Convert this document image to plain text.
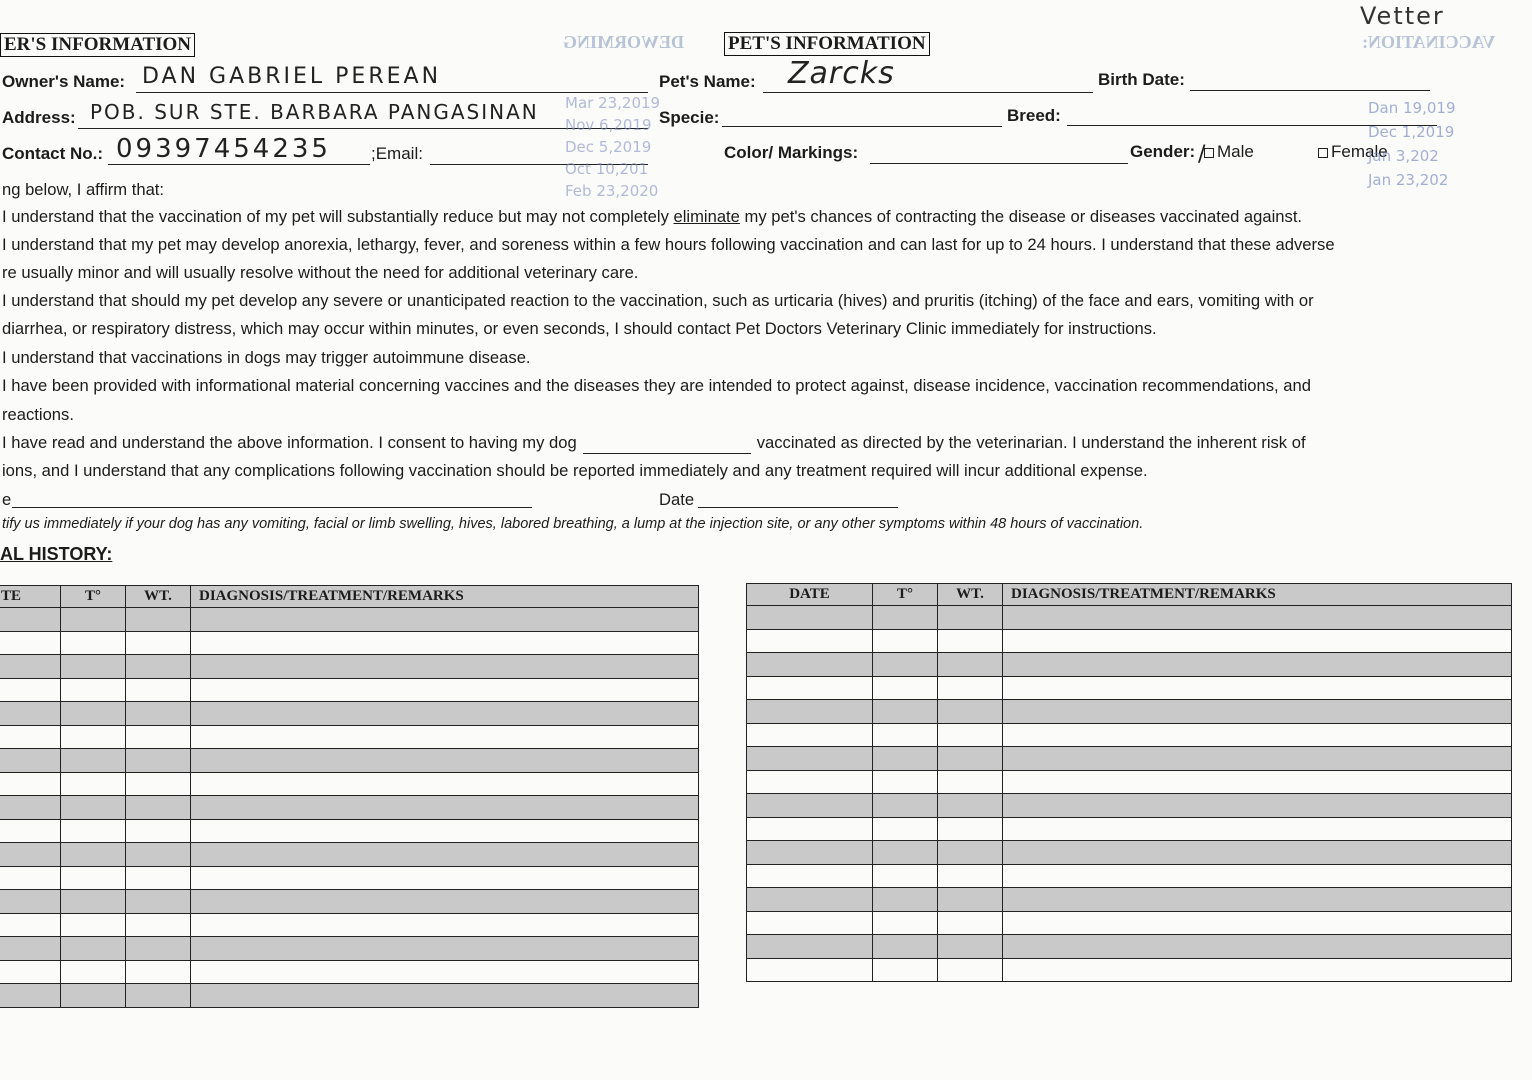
DEWORMING	VACCINATION:
Vetter
ER'S INFORMATION
Owner's Name: DAN GABRIEL PEREAN
Address: POB. SUR STE. BARBARA PANGASINAN
Contact No.: 09397454235 ;Email:
PET'S INFORMATION
Pet's Name: Zarcks	Birth Date:
Specie:	Breed:
Color/ Markings:	Gender:	Male
/	Female
Dan 19,019
Dec 1,2019
Jan 3,202
Jan 23,202
Mar 23,2019
Nov 6,2019
Dec 5,2019
Oct 10,201
Feb 23,2020
ng below, I affirm that:
I understand that the vaccination of my pet will substantially reduce but may not completely eliminate my pet's chances of contracting the disease or diseases vaccinated against.
I understand that my pet may develop anorexia, lethargy, fever, and soreness within a few hours following vaccination and can last for up to 24 hours. I understand that these adverse
re usually minor and will usually resolve without the need for additional veterinary care.
I understand that should my pet develop any severe or unanticipated reaction to the vaccination, such as urticaria (hives) and pruritis (itching) of the face and ears, vomiting with or
diarrhea, or respiratory distress, which may occur within minutes, or even seconds, I should contact Pet Doctors Veterinary Clinic immediately for instructions.
I understand that vaccinations in dogs may trigger autoimmune disease.
I have been provided with informational material concerning vaccines and the diseases they are intended to protect against, disease incidence, vaccination recommendations, and
reactions.
I have read and understand the above information. I consent to having my dog	vaccinated as directed by the veterinarian. I understand the inherent risk of
ions, and I understand that any complications following vaccination should be reported immediately and any treatment required will incur additional expense.
e	Date
tify us immediately if your dog has any vomiting, facial or limb swelling, hives, labored breathing, a lump at the injection site, or any other symptoms within 48 hours of vaccination.
AL HISTORY:
TE	T°	WT.	DIAGNOSIS/TREATMENT/REMARKS

				DATE	T°	WT.	DIAGNOSIS/TREATMENT/REMARKS
